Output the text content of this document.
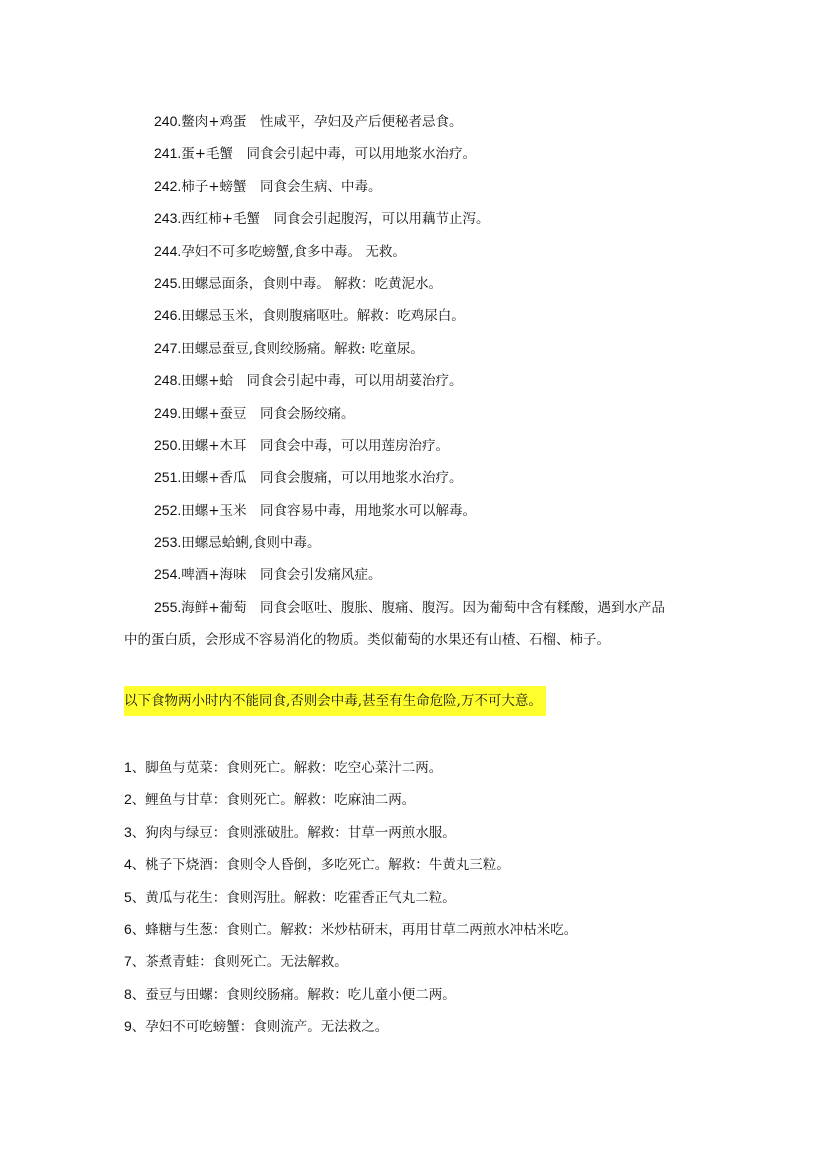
240.鳖肉+鸡蛋　性咸平，孕妇及产后便秘者忌食。
241.蛋+毛蟹　同食会引起中毒，可以用地浆水治疗。
242.柿子+螃蟹　同食会生病、中毒。
243.西红柿+毛蟹　同食会引起腹泻，可以用藕节止泻。
244.孕妇不可多吃螃蟹,食多中毒。 无救。
245.田螺忌面条，食则中毒。 解救：吃黄泥水。
246.田螺忌玉米，食则腹痛呕吐。解救：吃鸡尿白。
247.田螺忌蚕豆,食则绞肠痛。解救: 吃童尿。
248.田螺+蛤　同食会引起中毒，可以用胡荽治疗。
249.田螺+蚕豆　同食会肠绞痛。
250.田螺+木耳　同食会中毒，可以用莲房治疗。
251.田螺+香瓜　同食会腹痛，可以用地浆水治疗。
252.田螺+玉米　同食容易中毒，用地浆水可以解毒。
253.田螺忌蛤蜊,食则中毒。
254.啤酒+海味　同食会引发痛风症。
255.海鲜+葡萄　同食会呕吐、腹胀、腹痛、腹泻。因为葡萄中含有糅酸，遇到水产品
中的蛋白质，会形成不容易消化的物质。类似葡萄的水果还有山楂、石榴、柿子。
以下食物两小时内不能同食,否则会中毒,甚至有生命危险,万不可大意。
1、脚鱼与苋菜：食则死亡。解救：吃空心菜汁二两。
2、鲤鱼与甘草：食则死亡。解救：吃麻油二两。
3、狗肉与绿豆：食则涨破肚。解救：甘草一两煎水服。
4、桃子下烧酒：食则令人昏倒，多吃死亡。解救：牛黄丸三粒。
5、黄瓜与花生：食则泻肚。解救：吃霍香正气丸二粒。
6、蜂糖与生葱：食则亡。解救：米炒枯研末，再用甘草二两煎水冲枯米吃。
7、茶煮青蛙：食则死亡。无法解救。
8、蚕豆与田螺：食则绞肠痛。解救：吃儿童小便二两。
9、孕妇不可吃螃蟹：食则流产。无法救之。
